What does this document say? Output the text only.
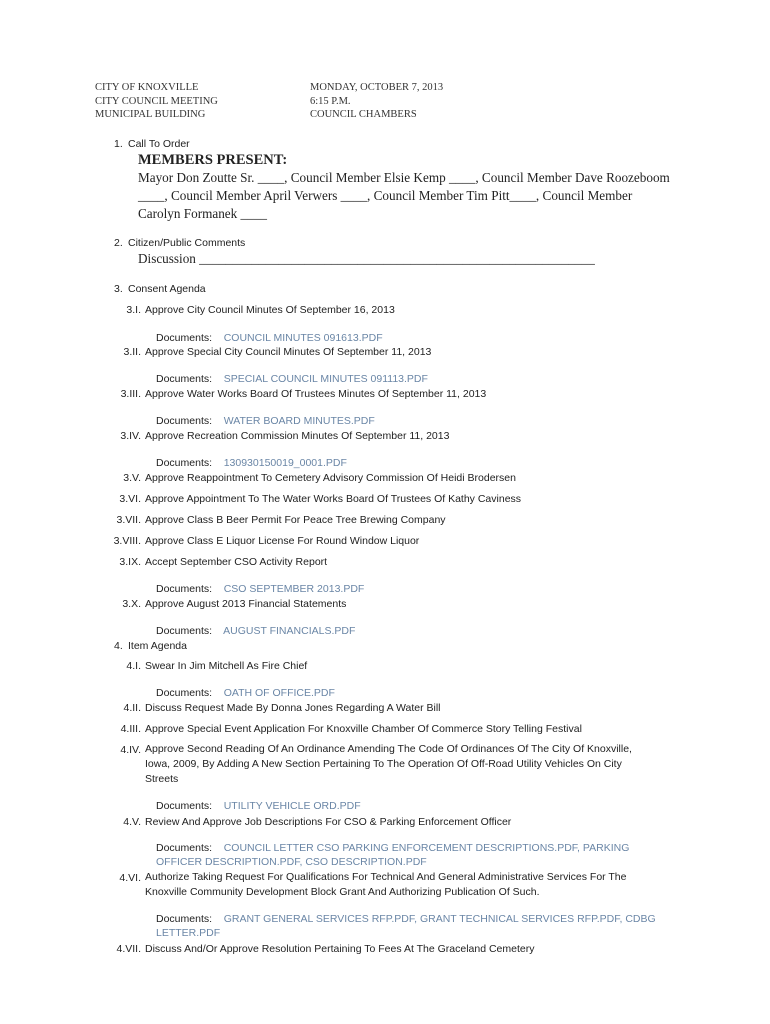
CITY OF KNOXVILLE
CITY COUNCIL MEETING
MUNICIPAL BUILDING
MONDAY, OCTOBER 7, 2013
6:15 P.M.
COUNCIL CHAMBERS
1. Call To Order
MEMBERS PRESENT:
Mayor Don Zoutte Sr. ____, Council Member Elsie Kemp ____, Council Member Dave Roozeboom ____, Council Member April Verwers ____, Council Member Tim Pitt____, Council Member Carolyn Formanek ____
2. Citizen/Public Comments
Discussion ____________________________________________________________
3. Consent Agenda
3.I. Approve City Council Minutes Of September 16, 2013
Documents: COUNCIL MINUTES 091613.PDF
3.II. Approve Special City Council Minutes Of September 11, 2013
Documents: SPECIAL COUNCIL MINUTES 091113.PDF
3.III. Approve Water Works Board Of Trustees Minutes Of September 11, 2013
Documents: WATER BOARD MINUTES.PDF
3.IV. Approve Recreation Commission Minutes Of September 11, 2013
Documents: 130930150019_0001.PDF
3.V. Approve Reappointment To Cemetery Advisory Commission Of Heidi Brodersen
3.VI. Approve Appointment To The Water Works Board Of Trustees Of Kathy Caviness
3.VII. Approve Class B Beer Permit For Peace Tree Brewing Company
3.VIII. Approve Class E Liquor License For Round Window Liquor
3.IX. Accept September CSO Activity Report
Documents: CSO SEPTEMBER 2013.PDF
3.X. Approve August 2013 Financial Statements
Documents: AUGUST FINANCIALS.PDF
4. Item Agenda
4.I. Swear In Jim Mitchell As Fire Chief
Documents: OATH OF OFFICE.PDF
4.II. Discuss Request Made By Donna Jones Regarding A Water Bill
4.III. Approve Special Event Application For Knoxville Chamber Of Commerce Story Telling Festival
4.IV. Approve Second Reading Of An Ordinance Amending The Code Of Ordinances Of The City Of Knoxville, Iowa, 2009, By Adding A New Section Pertaining To The Operation Of Off-Road Utility Vehicles On City Streets
Documents: UTILITY VEHICLE ORD.PDF
4.V. Review And Approve Job Descriptions For CSO & Parking Enforcement Officer
Documents: COUNCIL LETTER CSO PARKING ENFORCEMENT DESCRIPTIONS.PDF, PARKING OFFICER DESCRIPTION.PDF, CSO DESCRIPTION.PDF
4.VI. Authorize Taking Request For Qualifications For Technical And General Administrative Services For The Knoxville Community Development Block Grant And Authorizing Publication Of Such.
Documents: GRANT GENERAL SERVICES RFP.PDF, GRANT TECHNICAL SERVICES RFP.PDF, CDBG LETTER.PDF
4.VII. Discuss And/Or Approve Resolution Pertaining To Fees At The Graceland Cemetery
